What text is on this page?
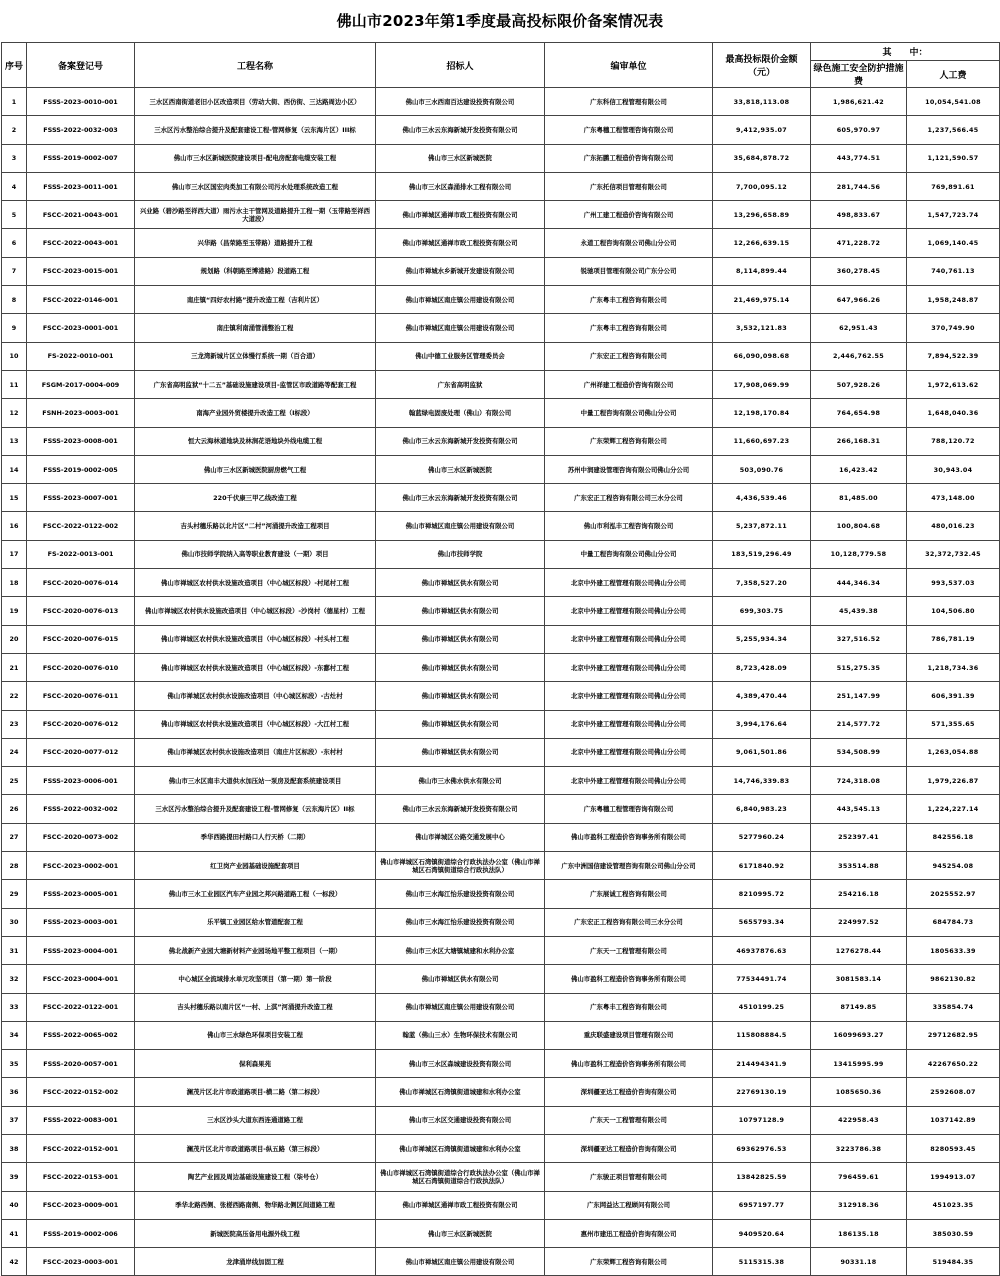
佛山市2023年第1季度最高投标限价备案情况表
序号	备案登记号	工程名称	招标人	编审单位	最高投标限价金额（元）	其　　中：	
						绿色施工安全防护措施费	人工费
1	FSSS-2023-0010-001	三水区西南街道老旧小区改造项目（劳动大街、西仿街、三达路周边小区）	佛山市三水西南百达建设投资有限公司	广东科信工程管理有限公司	33,818,113.08	1,986,621.42	10,054,541.08
2	FSSS-2022-0032-003	三水区污水整治综合提升及配套建设工程-管网修复（云东海片区）III标	佛山市三水云东海新城开发投资有限公司	广东粤穗工程管理咨询有限公司	9,412,935.07	605,970.97	1,237,566.45
3	FSSS-2019-0002-007	佛山市三水区新城医院建设项目-配电房配套电缆安装工程	佛山市三水区新城医院	广东拓鹏工程造价咨询有限公司	35,684,878.72	443,774.51	1,121,590.57
4	FSSS-2023-0011-001	佛山市三水区国宏肉类加工有限公司污水处理系统改造工程	佛山市三水区森涌排水工程有限公司	广东托信项目管理有限公司	7,700,095.12	281,744.56	769,891.61
5	FSCC-2021-0043-001	兴业路（碧沙路至祥西大道）雨污水主干管网及道路提升工程一期（玉带路至祥西大道段）	佛山市禅城区通禅市政工程投资有限公司	广州工建工程造价咨询有限公司	13,296,658.89	498,833.67	1,547,723.74
6	FSCC-2022-0043-001	兴华路（昌荣路至玉带路）道路提升工程	佛山市禅城区通禅市政工程投资有限公司	永道工程咨询有限公司佛山分公司	12,266,639.15	471,228.72	1,069,140.45
7	FSCC-2023-0015-001	规划路（科朝路至博港路）段道路工程	佛山市禅城水乡新城开发建设有限公司	锐驰项目管理有限公司广东分公司	8,114,899.44	360,278.45	740,761.13
8	FSCC-2022-0146-001	南庄镇“四好农村路”提升改造工程（吉利片区）	佛山市禅城区南庄镇公用建设有限公司	广东粤丰工程咨询有限公司	21,469,975.14	647,966.26	1,958,248.87
9	FSCC-2023-0001-001	南庄镇利南涌管涌整治工程	佛山市禅城区南庄镇公用建设有限公司	广东粤丰工程咨询有限公司	3,532,121.83	62,951.43	370,749.90
10	FS-2022-0010-001	三龙湾新城片区立体慢行系统一期（百合道）	佛山中德工业服务区管理委员会	广东宏正工程咨询有限公司	66,090,098.68	2,446,762.55	7,894,522.39
11	FSGM-2017-0004-009	广东省高明监狱“十二五”基础设施建设项目-监管区市政道路等配套工程	广东省高明监狱	广州祥建工程造价咨询有限公司	17,908,069.99	507,928.26	1,972,613.62
12	FSNH-2023-0003-001	南海产业园外贸楼提升改造工程（I标段）	翰蓝绿电固废处理（佛山）有限公司	中量工程咨询有限公司佛山分公司	12,198,170.84	764,654.98	1,648,040.36
13	FSSS-2023-0008-001	恒大云海林道地块及林涧花语地块外线电缆工程	佛山市三水云东海新城开发投资有限公司	广东荣辉工程咨询有限公司	11,660,697.23	266,168.31	788,120.72
14	FSSS-2019-0002-005	佛山市三水区新城医院厨房燃气工程	佛山市三水区新城医院	苏州中润建设管理咨询有限公司佛山分公司	503,090.76	16,423.42	30,943.04
15	FSSS-2023-0007-001	220千伏康三甲乙线改造工程	佛山市三水云东海新城开发投资有限公司	广东宏正工程咨询有限公司三水分公司	4,436,539.46	81,485.00	473,148.00
16	FSCC-2022-0122-002	吉头村穗乐路以北片区“二村”河涌提升改造工程项目	佛山市禅城区南庄镇公用建设有限公司	佛山市利泓丰工程咨询有限公司	5,237,872.11	100,804.68	480,016.23
17	FS-2022-0013-001	佛山市技师学院纳入高等职业教育建设（一期）项目	佛山市技师学院	中量工程咨询有限公司佛山分公司	183,519,296.49	10,128,779.58	32,372,732.45
18	FSCC-2020-0076-014	佛山市禅城区农村供水设施改造项目（中心城区标段）-村尾村工程	佛山市禅城区供水有限公司	北京中外建工程管理有限公司佛山分公司	7,358,527.20	444,346.34	993,537.03
19	FSCC-2020-0076-013	佛山市禅城区农村供水设施改造项目（中心城区标段）-沙岗村（德星村）工程	佛山市禅城区供水有限公司	北京中外建工程管理有限公司佛山分公司	699,303.75	45,439.38	104,506.80
20	FSCC-2020-0076-015	佛山市禅城区农村供水设施改造项目（中心城区标段）-村头村工程	佛山市禅城区供水有限公司	北京中外建工程管理有限公司佛山分公司	5,255,934.34	327,516.52	786,781.19
21	FSCC-2020-0076-010	佛山市禅城区农村供水设施改造项目（中心城区标段）-东鄱村工程	佛山市禅城区供水有限公司	北京中外建工程管理有限公司佛山分公司	8,723,428.09	515,275.35	1,218,734.36
22	FSCC-2020-0076-011	佛山市禅城区农村供水设施改造项目（中心城区标段）-古灶村	佛山市禅城区供水有限公司	北京中外建工程管理有限公司佛山分公司	4,389,470.44	251,147.99	606,391.39
23	FSCC-2020-0076-012	佛山市禅城区农村供水设施改造项目（中心城区标段）-大江村工程	佛山市禅城区供水有限公司	北京中外建工程管理有限公司佛山分公司	3,994,176.64	214,577.72	571,355.65
24	FSCC-2020-0077-012	佛山市禅城区农村供水设施改造项目（南庄片区标段）-东村村	佛山市禅城区供水有限公司	北京中外建工程管理有限公司佛山分公司	9,061,501.86	534,508.99	1,263,054.88
25	FSSS-2023-0006-001	佛山市三水区南丰大道供水加压站一泵房及配套系统建设项目	佛山市三水佛水供水有限公司	北京中外建工程管理有限公司佛山分公司	14,746,339.83	724,318.08	1,979,226.87
26	FSSS-2022-0032-002	三水区污水整治综合提升及配套建设工程-管网修复（云东海片区）II标	佛山市三水云东海新城开发投资有限公司	广东粤穗工程管理咨询有限公司	6,840,983.23	443,545.13	1,224,227.14
27	FSCC-2020-0073-002	季华西路提田村路口人行天桥（二期）	佛山市禅城区公路交通发展中心	佛山市盈科工程造价咨询事务所有限公司	5277960.24	252397.41	842556.18
28	FSCC-2023-0002-001	红卫岗产业园基础设施配套项目	佛山市禅城区石湾镇街道综合行政执法办公室（佛山市禅城区石湾镇街道综合行政执法队）	广东中洲国信建设管理咨询有限公司佛山分公司	6171840.92	353514.88	945254.08
29	FSSS-2023-0005-001	佛山市三水工业园区汽车产业园之邦兴路道路工程（一标段）	佛山市三水海江怡乐建设投资有限公司	广东展诚工程咨询有限公司	8210995.72	254216.18	2025552.97
30	FSSS-2023-0003-001	乐平镇工业园区给水管道配套工程	佛山市三水海江怡乐建设投资有限公司	广东宏正工程咨询有限公司三水分公司	5655793.34	224997.52	684784.73
31	FSSS-2023-0004-001	佛北战新产业园大塘新材料产业园场地平整工程项目（一期）	佛山市三水区大塘镇城建和水利办公室	广东天一工程管理有限公司	46937876.63	1276278.44	1805633.39
32	FSCC-2023-0004-001	中心城区全流域排水单元攻坚项目（第一期）第一阶段	佛山市禅城区供水有限公司	佛山市盈科工程造价咨询事务所有限公司	77534491.74	3081583.14	9862130.82
33	FSCC-2022-0122-001	吉头村穗乐路以南片区“一村、上淇”河涌提升改造工程	佛山市禅城区南庄镇公用建设有限公司	广东粤丰工程咨询有限公司	4510199.25	87149.85	335854.74
34	FSSS-2022-0065-002	佛山市三水绿色环保项目安装工程	翰蓝（佛山三水）生物环保技术有限公司	重庆联盛建设项目管理有限公司	115808884.5	16099693.27	29712682.95
35	FSSS-2020-0057-001	保利森果苑	佛山市三水区森城建设投资有限公司	佛山市盈科工程造价咨询事务所有限公司	214494341.9	13415995.99	42267650.22
36	FSCC-2022-0152-002	澜茂片区北片市政道路项目-横二路（第二标段）	佛山市禅城区石湾镇街道城建和水利办公室	深圳疆亚达工程造价咨询有限公司	22769130.19	1085650.36	2592608.07
37	FSSS-2022-0083-001	三水区沙头大道东西连通道路工程	佛山市三水区交通建设投资有限公司	广东天一工程管理有限公司	10797128.9	422958.43	1037142.89
38	FSCC-2022-0152-001	澜茂片区北片市政道路项目-纵五路（第三标段）	佛山市禅城区石湾镇街道城建和水利办公室	深圳疆亚达工程造价咨询有限公司	69362976.53	3223786.38	8280593.45
39	FSCC-2022-0153-001	陶艺产业园及周边基础设施建设工程（柒号仓）	佛山市禅城区石湾镇街道综合行政执法办公室（佛山市禅城区石湾镇街道综合行政执法队）	广东骏正项目管理有限公司	13842825.59	796459.61	1994913.07
40	FSCC-2023-0009-001	季华北路西侧、张槎西路南侧、物华路北侧区间道路工程	佛山市禅城区通禅市政工程投资有限公司	广东网益达工程顾问有限公司	6957197.77	312918.36	451023.35
41	FSSS-2019-0002-006	新城医院高压备用电源外线工程	佛山市三水区新城医院	惠州市建迅工程造价咨询有限公司	9409520.64	186135.18	385030.59
42	FSCC-2023-0003-001	龙津涌岸线加固工程	佛山市禅城区南庄镇公用建设有限公司	广东荣辉工程咨询有限公司	5115315.38	90331.18	519484.35
